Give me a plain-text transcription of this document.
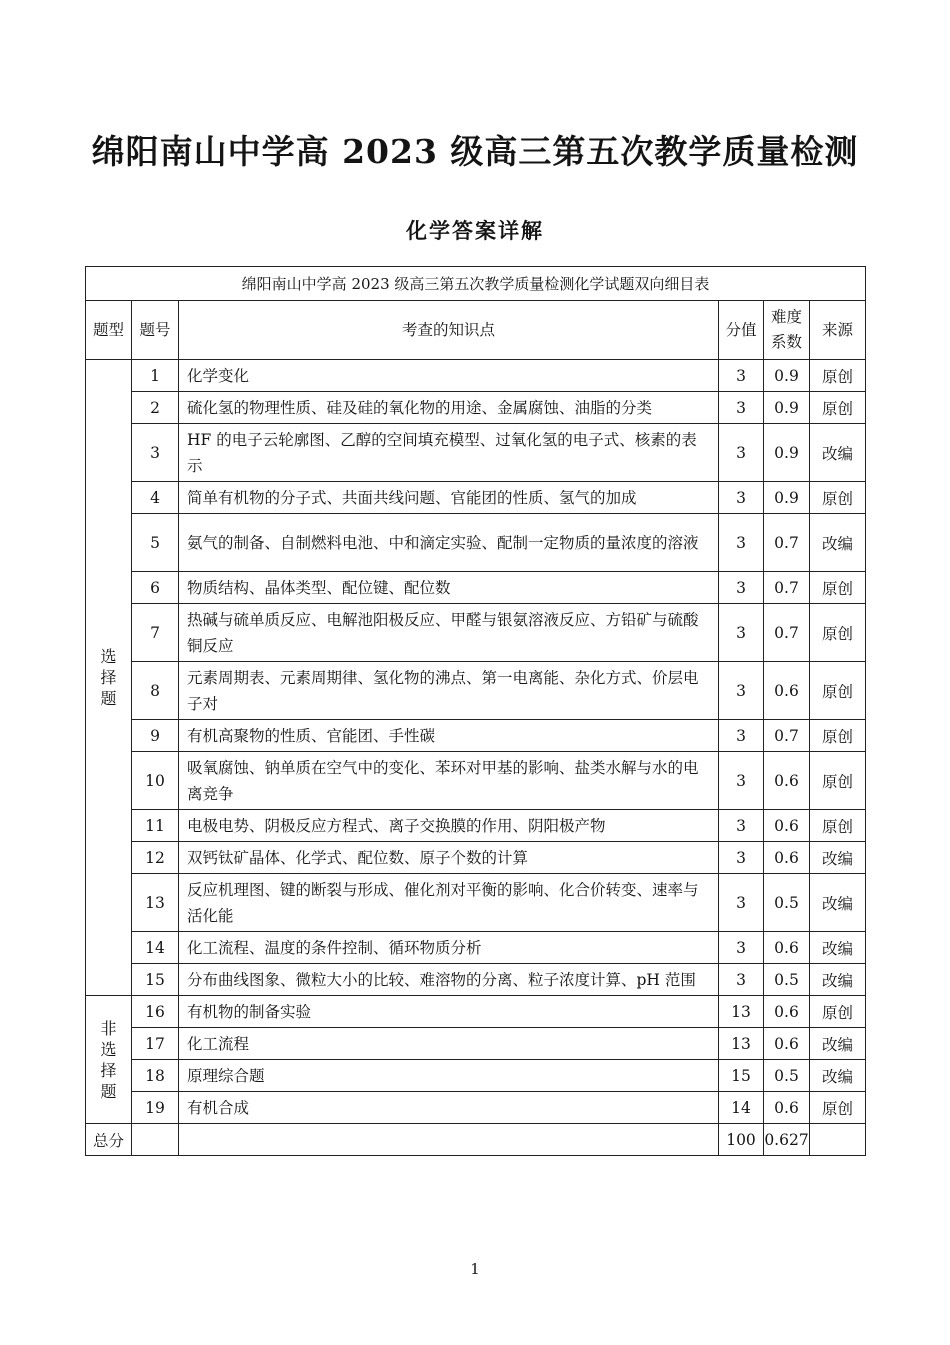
绵阳南山中学高 2023 级高三第五次教学质量检测
化学答案详解
绵阳南山中学高 2023 级高三第五次教学质量检测化学试题双向细目表					
题型	题号	考查的知识点	分值	难度系数	来源
选择题	1	化学变化	3	0.9	原创
	2	硫化氢的物理性质、硅及硅的氧化物的用途、金属腐蚀、油脂的分类	3	0.9	原创
	3	HF 的电子云轮廓图、乙醇的空间填充模型、过氧化氢的电子式、核素的表示	3	0.9	改编
	4	简单有机物的分子式、共面共线问题、官能团的性质、氢气的加成	3	0.9	原创
	5	氨气的制备、自制燃料电池、中和滴定实验、配制一定物质的量浓度的溶液	3	0.7	改编
	6	物质结构、晶体类型、配位键、配位数	3	0.7	原创
	7	热碱与硫单质反应、电解池阳极反应、甲醛与银氨溶液反应、方铅矿与硫酸铜反应	3	0.7	原创
	8	元素周期表、元素周期律、氢化物的沸点、第一电离能、杂化方式、价层电子对	3	0.6	原创
	9	有机高聚物的性质、官能团、手性碳	3	0.7	原创
	10	吸氧腐蚀、钠单质在空气中的变化、苯环对甲基的影响、盐类水解与水的电离竞争	3	0.6	原创
	11	电极电势、阴极反应方程式、离子交换膜的作用、阴阳极产物	3	0.6	原创
	12	双钙钛矿晶体、化学式、配位数、原子个数的计算	3	0.6	改编
	13	反应机理图、键的断裂与形成、催化剂对平衡的影响、化合价转变、速率与活化能	3	0.5	改编
	14	化工流程、温度的条件控制、循环物质分析	3	0.6	改编
	15	分布曲线图象、微粒大小的比较、难溶物的分离、粒子浓度计算、pH 范围	3	0.5	改编
非选择题	16	有机物的制备实验	13	0.6	原创
	17	化工流程	13	0.6	改编
	18	原理综合题	15	0.5	改编
	19	有机合成	14	0.6	原创
总分			100	0.627	
1
